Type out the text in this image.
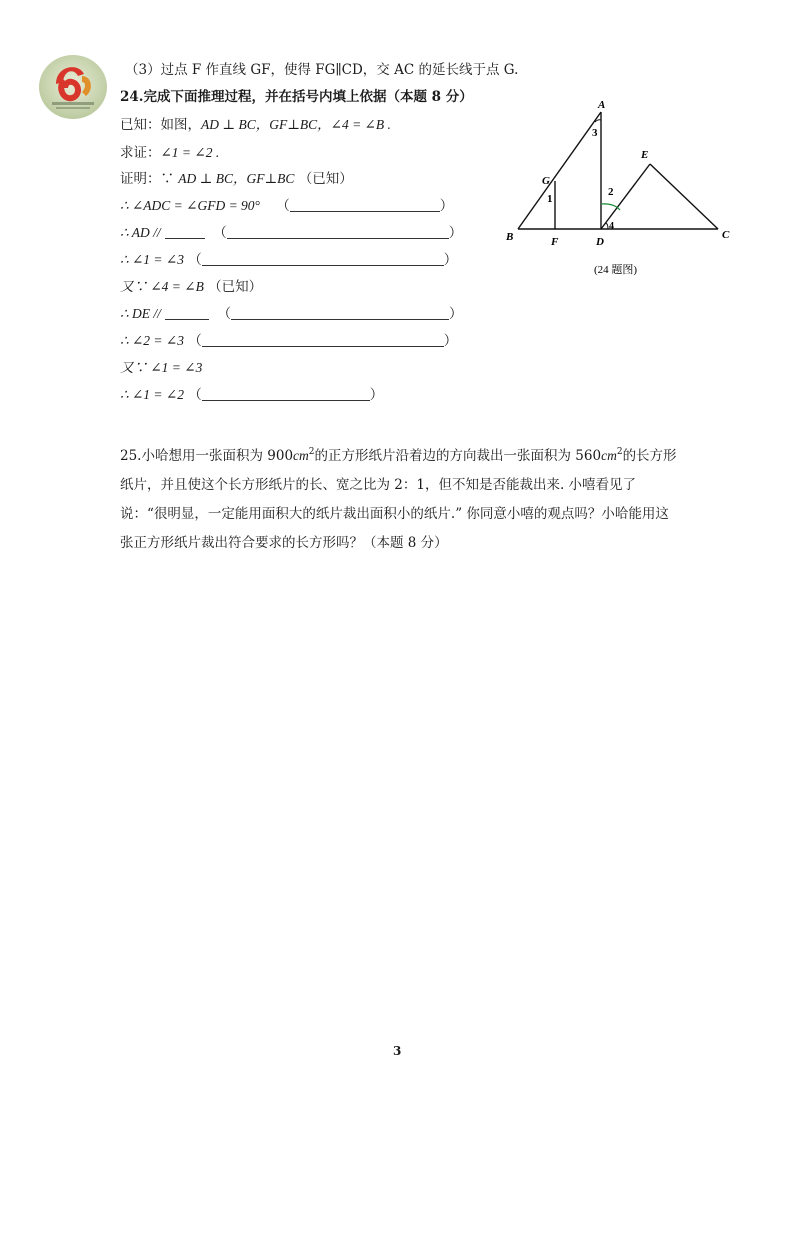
（3）过点 F 作直线 GF，使得 FG∥CD，交 AC 的延长线于点 G.
24.完成下面推理过程，并在括号内填上依据（本题 8 分）
已知：如图，AD ⊥ BC，GF⊥BC，∠4 = ∠B .
求证：∠1 = ∠2 .
证明：∵ AD ⊥ BC，GF⊥BC （已知）
∴ ∠ADC = ∠GFD = 90° （	）
∴ AD //	（	）
∴ ∠1 = ∠3 （	）
又∵ ∠4 = ∠B （已知）
∴ DE //	（	）
∴ ∠2 = ∠3 （	）
又∵ ∠1 = ∠3
∴ ∠1 = ∠2 （	）
A
B	C
D
E
F
G
1
2
3
4
(24 题图)
25.小哈想用一张面积为 $900cm^2$的正方形纸片沿着边的方向裁出一张面积为 $560cm^2$的长方形纸片，并且使这个长方形纸片的长、宽之比为 2：1，但不知是否能裁出来. 小嘻看见了说：“很明显，一定能用面积大的纸片裁出面积小的纸片.” 你同意小嘻的观点吗？小哈能用这张正方形纸片裁出符合要求的长方形吗？（本题 8 分）
3
